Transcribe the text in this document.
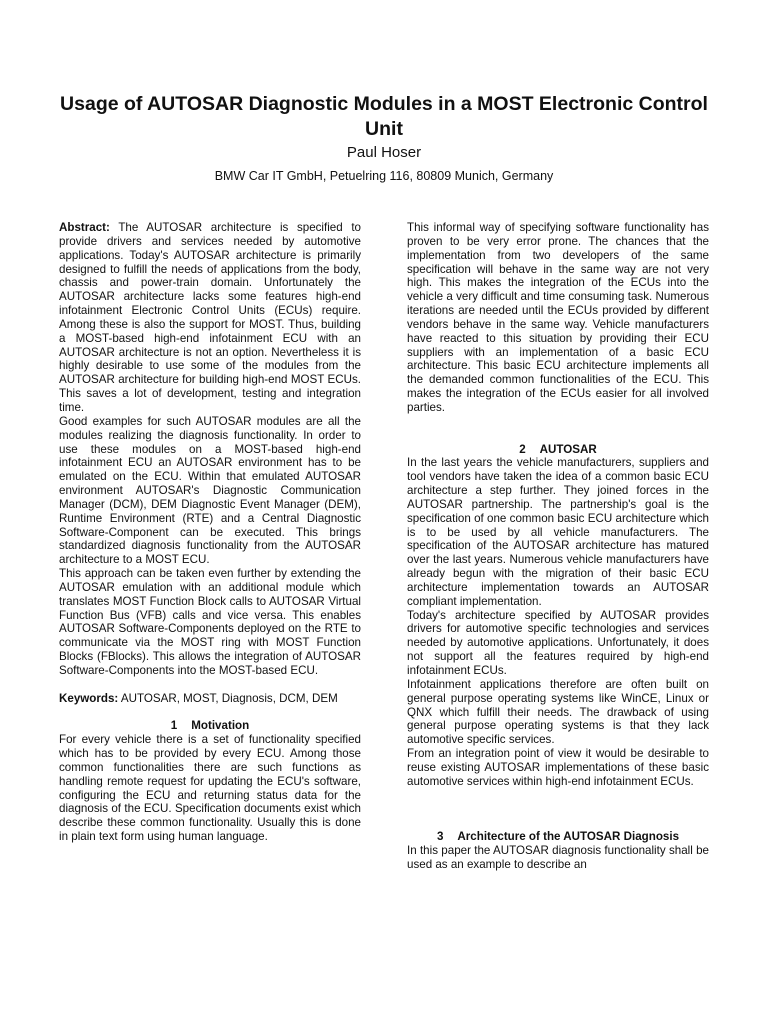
Usage of AUTOSAR Diagnostic Modules in a MOST Electronic Control Unit

Paul Hoser

BMW Car IT GmbH, Petuelring 116, 80809 Munich, Germany

Abstract: The AUTOSAR architecture is specified to provide drivers and services needed by automotive applications. Today's AUTOSAR architecture is primarily designed to fulfill the needs of applications from the body, chassis and power-train domain. Unfortunately the AUTOSAR architecture lacks some features high-end infotainment Electronic Control Units (ECUs) require. Among these is also the support for MOST. Thus, building a MOST-based high-end infotainment ECU with an AUTOSAR architecture is not an option. Nevertheless it is highly desirable to use some of the modules from the AUTOSAR architecture for building high-end MOST ECUs. This saves a lot of development, testing and integration time.

Good examples for such AUTOSAR modules are all the modules realizing the diagnosis functionality. In order to use these modules on a MOST-based high-end infotainment ECU an AUTOSAR environment has to be emulated on the ECU. Within that emulated AUTOSAR environment AUTOSAR's Diagnostic Communication Manager (DCM), DEM Diagnostic Event Manager (DEM), Runtime Environment (RTE) and a Central Diagnostic Software-Component can be executed. This brings standardized diagnosis functionality from the AUTOSAR architecture to a MOST ECU.

This approach can be taken even further by extending the AUTOSAR emulation with an additional module which translates MOST Function Block calls to AUTOSAR Virtual Function Bus (VFB) calls and vice versa. This enables AUTOSAR Software-Components deployed on the RTE to communicate via the MOST ring with MOST Function Blocks (FBlocks). This allows the integration of AUTOSAR Software-Components into the MOST-based ECU.

Keywords: AUTOSAR, MOST, Diagnosis, DCM, DEM

1 Motivation

For every vehicle there is a set of functionality specified which has to be provided by every ECU. Among those common functionalities there are such functions as handling remote request for updating the ECU's software, configuring the ECU and returning status data for the diagnosis of the ECU. Specification documents exist which describe these common functionality. Usually this is done in plain text form using human language.

This informal way of specifying software functionality has proven to be very error prone. The chances that the implementation from two developers of the same specification will behave in the same way are not very high. This makes the integration of the ECUs into the vehicle a very difficult and time consuming task. Numerous iterations are needed until the ECUs provided by different vendors behave in the same way. Vehicle manufacturers have reacted to this situation by providing their ECU suppliers with an implementation of a basic ECU architecture. This basic ECU architecture implements all the demanded common functionalities of the ECU. This makes the integration of the ECUs easier for all involved parties.

2 AUTOSAR

In the last years the vehicle manufacturers, suppliers and tool vendors have taken the idea of a common basic ECU architecture a step further. They joined forces in the AUTOSAR partnership. The partnership's goal is the specification of one common basic ECU architecture which is to be used by all vehicle manufacturers. The specification of the AUTOSAR architecture has matured over the last years. Numerous vehicle manufacturers have already begun with the migration of their basic ECU architecture implementation towards an AUTOSAR compliant implementation.

Today's architecture specified by AUTOSAR provides drivers for automotive specific technologies and services needed by automotive applications. Unfortunately, it does not support all the features required by high-end infotainment ECUs.

Infotainment applications therefore are often built on general purpose operating systems like WinCE, Linux or QNX which fulfill their needs. The drawback of using general purpose operating systems is that they lack automotive specific services.

From an integration point of view it would be desirable to reuse existing AUTOSAR implementations of these basic automotive services within high-end infotainment ECUs.

3 Architecture of the AUTOSAR Diagnosis

In this paper the AUTOSAR diagnosis functionality shall be used as an example to describe an
